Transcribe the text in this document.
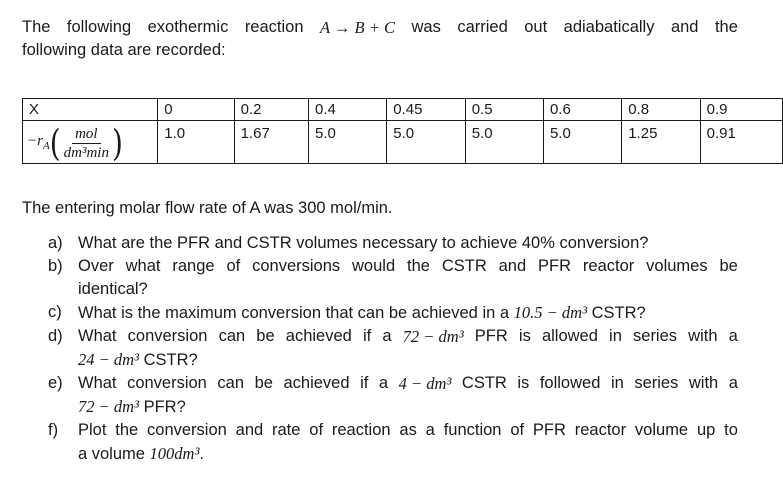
The following exothermic reaction A → B + C was carried out adiabatically and the
following data are recorded:
X	0	0.2	0.4	0.45	0.5	0.6	0.8	0.9

$-r_A$ ( $\frac{\text{mol}}{\text{dm³min}}$ )	1.0	1.67	5.0	5.0	5.0	5.0	1.25	0.91
The entering molar flow rate of A was 300 mol/min.
a) What are the PFR and CSTR volumes necessary to achieve 40% conversion?
b) Over what range of conversions would the CSTR and PFR reactor volumes be
identical?
c) What is the maximum conversion that can be achieved in a 10.5 − dm³ CSTR?
d) What conversion can be achieved if a 72 − dm³ PFR is allowed in series with a
24 − dm³ CSTR?
e) What conversion can be achieved if a 4 − dm³ CSTR is followed in series with a
72 − dm³ PFR?
f)	Plot the conversion and rate of reaction as a function of PFR reactor volume up to
a volume 100dm³.
